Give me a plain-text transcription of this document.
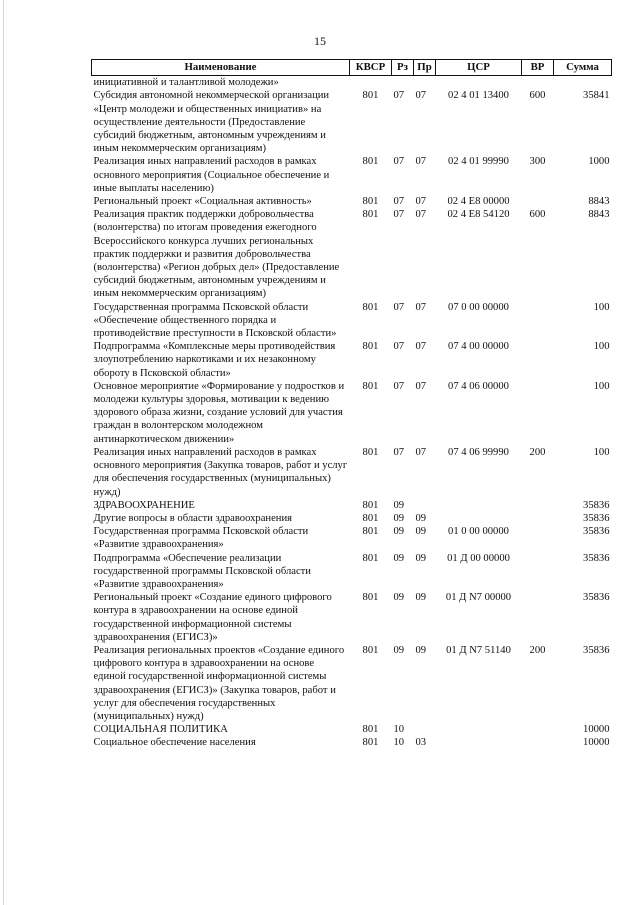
15
Наименование	КВСР	Рз	Пр	ЦСР	ВР	Сумма
инициативной и талантливой молодежи»						
Субсидия автономной некоммерческой организации «Центр молодежи и общественных инициатив» на осуществление деятельности (Предоставление субсидий бюджетным, автономным учреждениям и иным некоммерческим организациям)	801	07	07	02 4 01 13400	600	35841
Реализация иных направлений расходов в рамках основного мероприятия (Социальное обеспечение и иные выплаты населению)	801	07	07	02 4 01 99990	300	1000
Региональный проект «Социальная активность»	801	07	07	02 4 E8 00000		8843
Реализация практик поддержки добровольчества (волонтерства) по итогам проведения ежегодного Всероссийского конкурса лучших региональных практик поддержки и развития добровольчества (волонтерства) «Регион добрых дел» (Предоставление субсидий бюджетным, автономным учреждениям и иным некоммерческим организациям)	801	07	07	02 4 E8 54120	600	8843
Государственная программа Псковской области «Обеспечение общественного порядка и противодействие преступности в Псковской области»	801	07	07	07 0 00 00000		100
Подпрограмма «Комплексные меры противодействия злоупотреблению наркотиками и их незаконному обороту в Псковской области»	801	07	07	07 4 00 00000		100
Основное мероприятие «Формирование у подростков и молодежи культуры здоровья, мотивации к ведению здорового образа жизни, создание условий для участия граждан в волонтерском молодежном антинаркотическом движении»	801	07	07	07 4 06 00000		100
Реализация иных направлений расходов в рамках основного мероприятия (Закупка товаров, работ и услуг для обеспечения государственных (муниципальных) нужд)	801	07	07	07 4 06 99990	200	100
ЗДРАВООХРАНЕНИЕ	801	09				35836
Другие вопросы в области здравоохранения	801	09	09			35836
Государственная программа Псковской области «Развитие здравоохранения»	801	09	09	01 0 00 00000		35836
Подпрограмма «Обеспечение реализации государственной программы Псковской области «Развитие здравоохранения»	801	09	09	01 Д 00 00000		35836
Региональный проект «Создание единого цифрового контура в здравоохранении на основе единой государственной информационной системы здравоохранения (ЕГИСЗ)»	801	09	09	01 Д N7 00000		35836
Реализация региональных проектов «Создание единого цифрового контура в здравоохранении на основе единой государственной информационной системы здравоохранения (ЕГИСЗ)» (Закупка товаров, работ и услуг для обеспечения государственных (муниципальных) нужд)	801	09	09	01 Д N7 51140	200	35836
СОЦИАЛЬНАЯ ПОЛИТИКА	801	10				10000
Социальное обеспечение населения	801	10	03			10000
